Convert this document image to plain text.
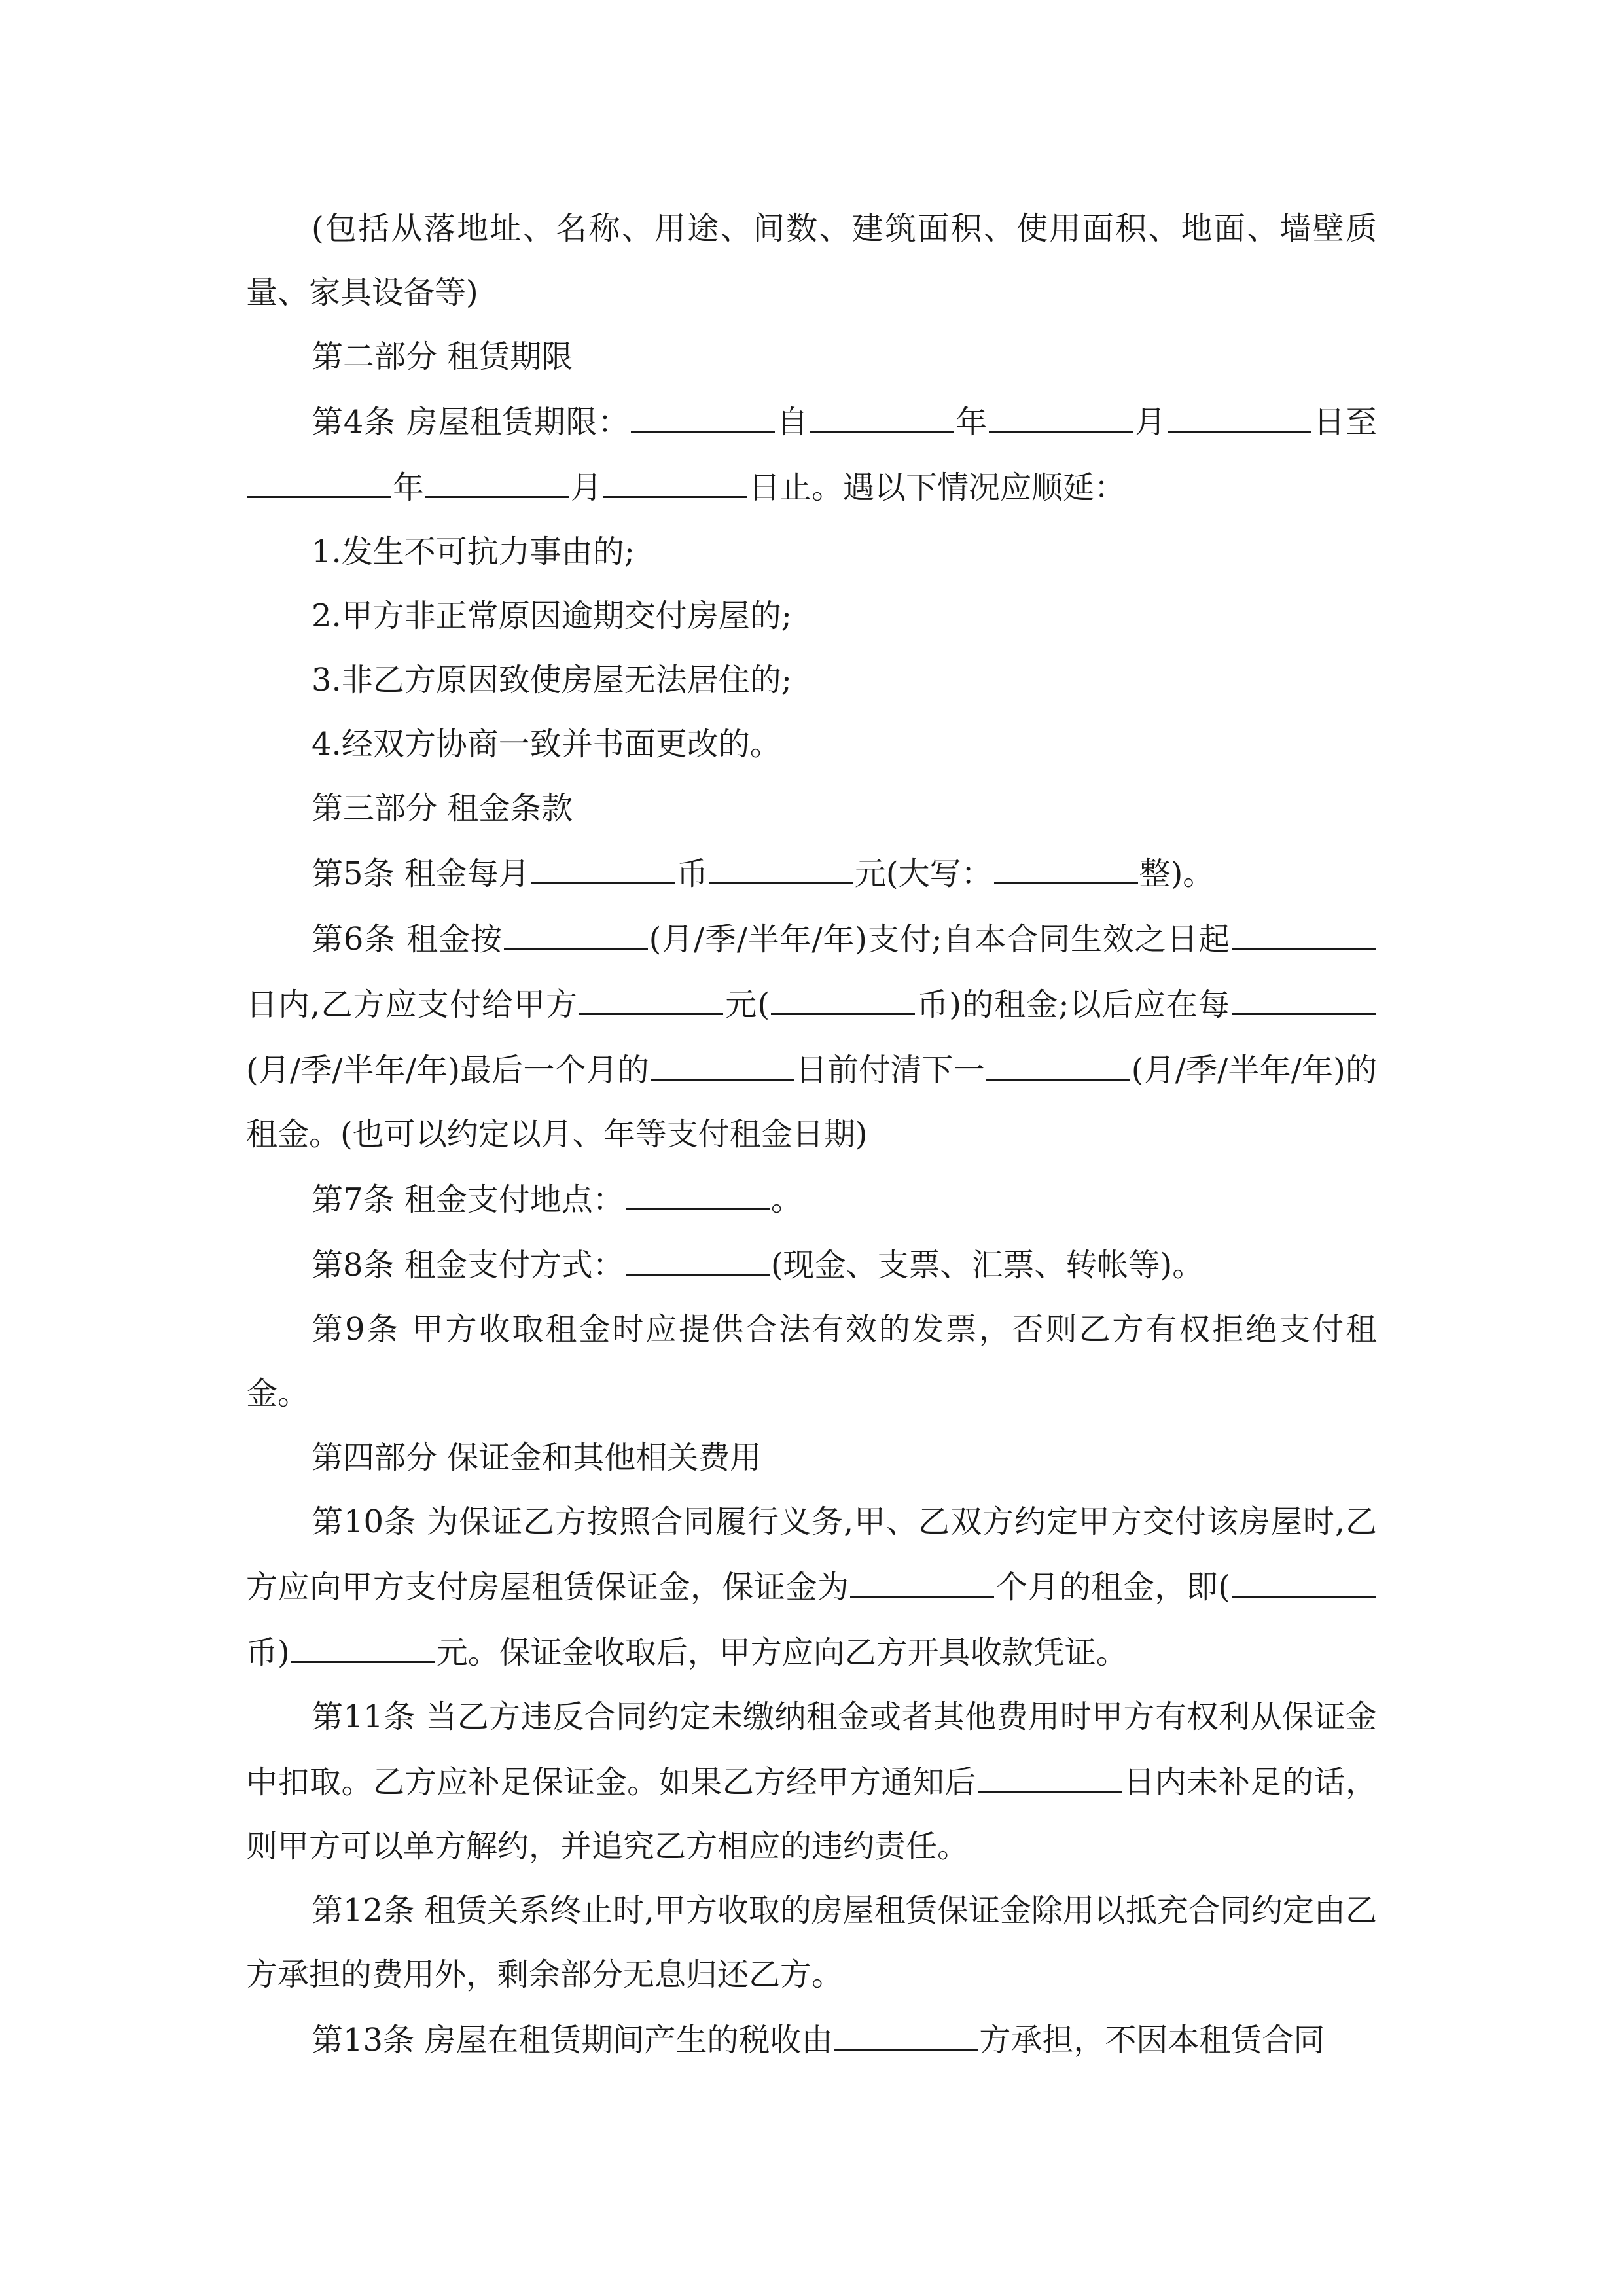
(包括从落地址、名称、用途、间数、建筑面积、使用面积、地面、墙壁质量、家具设备等)

第二部分 租赁期限

第4条 房屋租赁期限：	自	年	月	日至年	月	日止。遇以下情况应顺延：

1.发生不可抗力事由的;

2.甲方非正常原因逾期交付房屋的;

3.非乙方原因致使房屋无法居住的;

4.经双方协商一致并书面更改的。

第三部分 租金条款

第5条 租金每月	币	元(大写：	整)。

第6条 租金按	(月/季/半年/年)支付;自本合同生效之日起日内,乙方应支付给甲方	元(	币)的租金;以后应在每(月/季/半年/年)最后一个月的	日前付清下一	(月/季/半年/年)的租金。(也可以约定以月、年等支付租金日期)

第7条 租金支付地点：	。

第8条 租金支付方式：	(现金、支票、汇票、转帐等)。

第9条 甲方收取租金时应提供合法有效的发票，否则乙方有权拒绝支付租金。

第四部分 保证金和其他相关费用

第10条 为保证乙方按照合同履行义务,甲、乙双方约定甲方交付该房屋时,乙方应向甲方支付房屋租赁保证金，保证金为	个月的租金，即(币)	元。保证金收取后，甲方应向乙方开具收款凭证。

第11条 当乙方违反合同约定未缴纳租金或者其他费用时甲方有权利从保证金中扣取。乙方应补足保证金。如果乙方经甲方通知后	日内未补足的话，则甲方可以单方解约，并追究乙方相应的违约责任。

第12条 租赁关系终止时,甲方收取的房屋租赁保证金除用以抵充合同约定由乙方承担的费用外，剩余部分无息归还乙方。

第13条 房屋在租赁期间产生的税收由	方承担，不因本租赁合同
